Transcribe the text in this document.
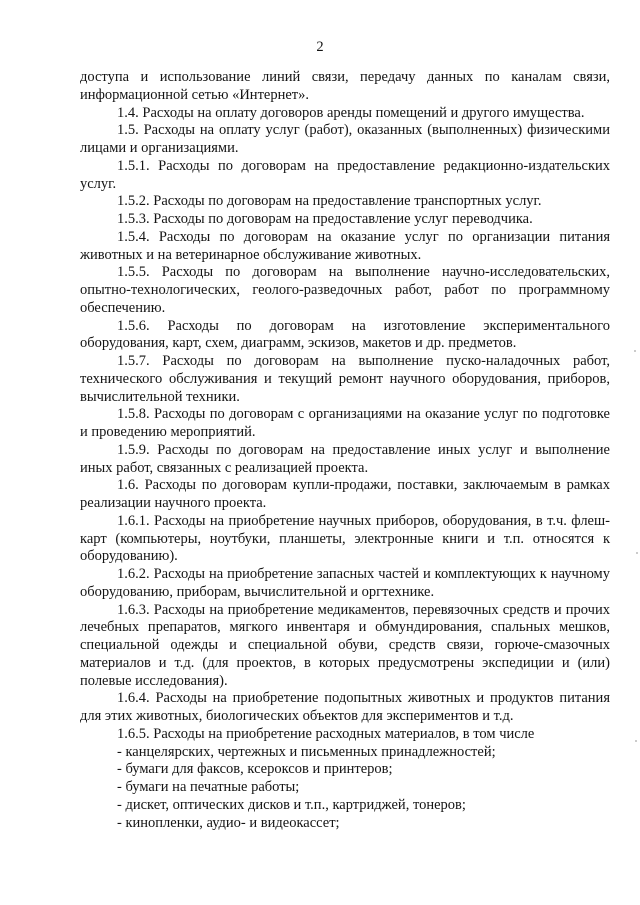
2

доступа и использование линий связи, передачу данных по каналам связи, информационной сетью «Интернет».

1.4. Расходы на оплату договоров аренды помещений и другого имущества.

1.5. Расходы на оплату услуг (работ), оказанных (выполненных) физическими лицами и организациями.

1.5.1. Расходы по договорам на предоставление редакционно-издательских услуг.

1.5.2. Расходы по договорам на предоставление транспортных услуг.

1.5.3. Расходы по договорам на предоставление услуг переводчика.

1.5.4. Расходы по договорам на оказание услуг по организации питания животных и на ветеринарное обслуживание животных.

1.5.5. Расходы по договорам на выполнение научно-исследовательских, опытно-технологических, геолого-разведочных работ, работ по программному обеспечению.

1.5.6. Расходы по договорам на изготовление экспериментального оборудования, карт, схем, диаграмм, эскизов, макетов и др. предметов.

1.5.7. Расходы по договорам на выполнение пуско-наладочных работ, технического обслуживания и текущий ремонт научного оборудования, приборов, вычислительной техники.

1.5.8. Расходы по договорам с организациями на оказание услуг по подготовке и проведению мероприятий.

1.5.9. Расходы по договорам на предоставление иных услуг и выполнение иных работ, связанных с реализацией проекта.

1.6. Расходы по договорам купли-продажи, поставки, заключаемым в рамках реализации научного проекта.

1.6.1. Расходы на приобретение научных приборов, оборудования, в т.ч. флеш-карт (компьютеры, ноутбуки, планшеты, электронные книги и т.п. относятся к оборудованию).

1.6.2. Расходы на приобретение запасных частей и комплектующих к научному оборудованию, приборам, вычислительной и оргтехнике.

1.6.3. Расходы на приобретение медикаментов, перевязочных средств и прочих лечебных препаратов, мягкого инвентаря и обмундирования, спальных мешков, специальной одежды и специальной обуви, средств связи, горюче-смазочных материалов и т.д. (для проектов, в которых предусмотрены экспедиции и (или) полевые исследования).

1.6.4. Расходы на приобретение подопытных животных и продуктов питания для этих животных, биологических объектов для экспериментов и т.д.

1.6.5. Расходы на приобретение расходных материалов, в том числе

- канцелярских, чертежных и письменных принадлежностей;

- бумаги для факсов, ксероксов и принтеров;

- бумаги на печатные работы;

- дискет, оптических дисков и т.п., картриджей, тонеров;

- кинопленки, аудио- и видеокассет;
